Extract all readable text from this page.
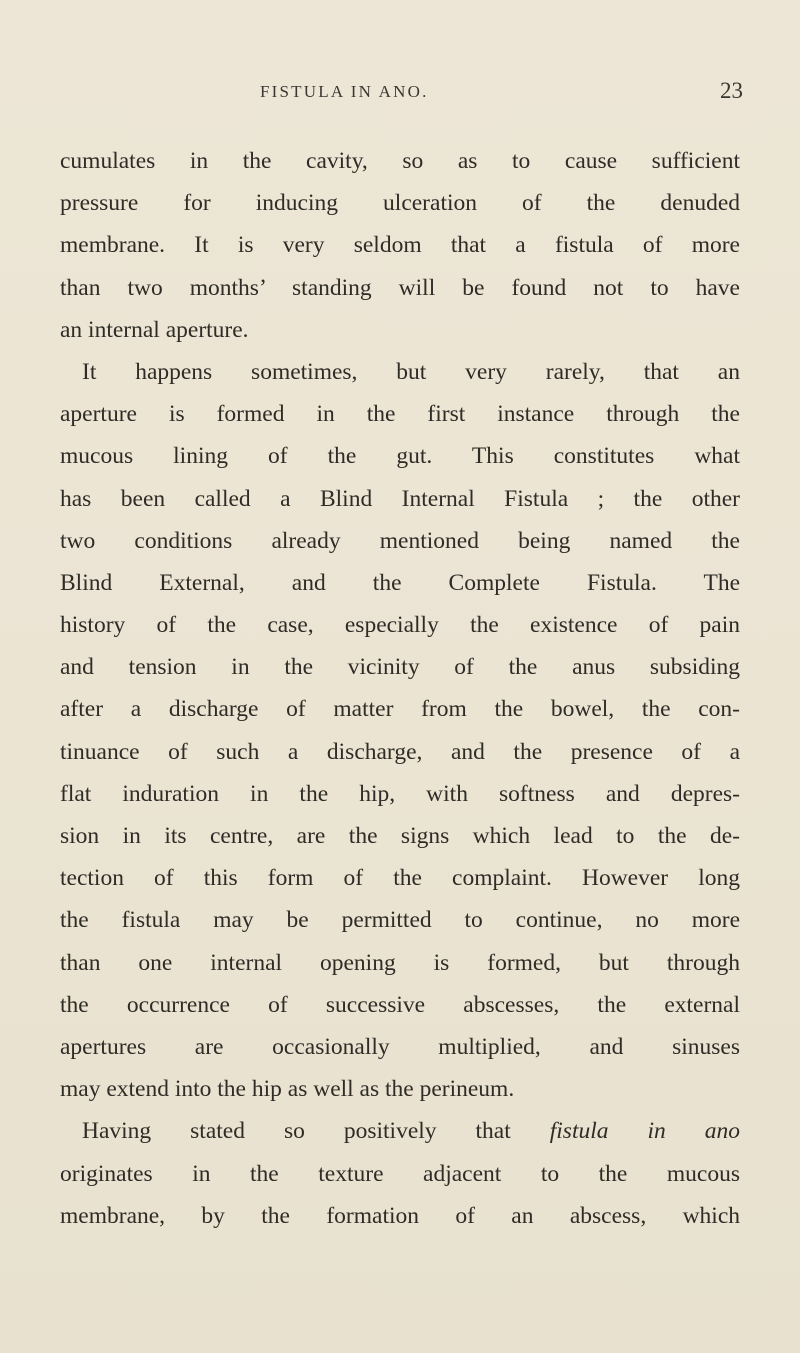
FISTULA IN ANO.	23
cumulates in the cavity, so as to cause sufficient
pressure for inducing ulceration of the denuded
membrane. It is very seldom that a fistula of more
than two months’ standing will be found not to have
an internal aperture.
It happens sometimes, but very rarely, that an
aperture is formed in the first instance through the
mucous lining of the gut. This constitutes what
has been called a Blind Internal Fistula ; the other
two conditions already mentioned being named the
Blind External, and the Complete Fistula. The
history of the case, especially the existence of pain
and tension in the vicinity of the anus subsiding
after a discharge of matter from the bowel, the con-
tinuance of such a discharge, and the presence of a
flat induration in the hip, with softness and depres-
sion in its centre, are the signs which lead to the de-
tection of this form of the complaint. However long
the fistula may be permitted to continue, no more
than one internal opening is formed, but through
the occurrence of successive abscesses, the external
apertures are occasionally multiplied, and sinuses
may extend into the hip as well as the perineum.
Having stated so positively that fistula in ano
originates in the texture adjacent to the mucous
membrane, by the formation of an abscess, which
